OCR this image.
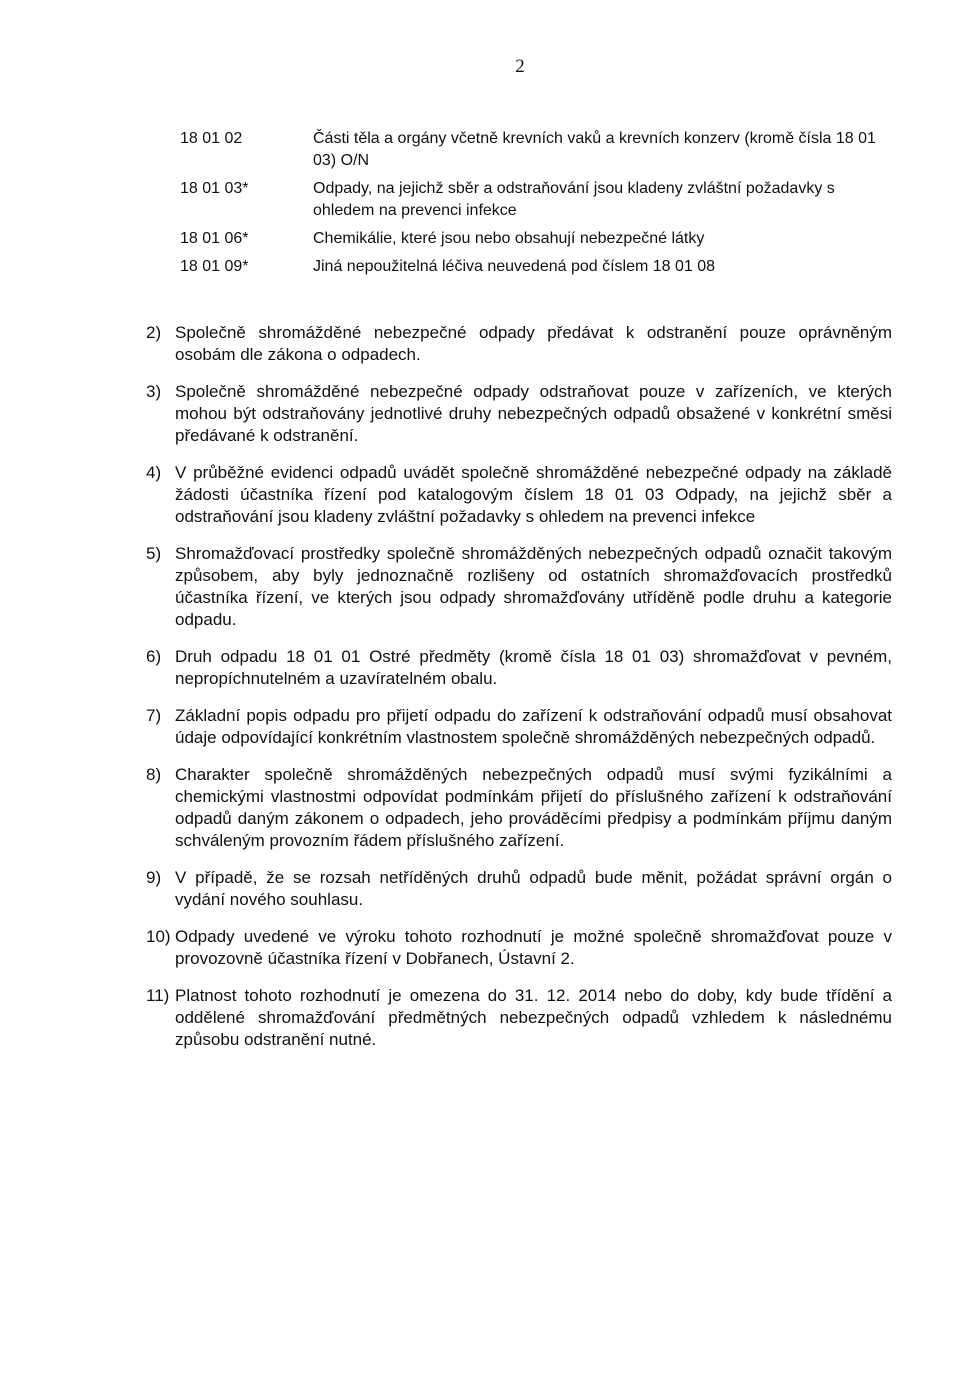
2
18 01 02	Části těla a orgány včetně krevních vaků a krevních konzerv (kromě čísla 18 01 03) O/N
18 01 03*	Odpady, na jejichž sběr a odstraňování jsou kladeny zvláštní požadavky s ohledem na prevenci infekce
18 01 06*	Chemikálie, které jsou nebo obsahují nebezpečné látky
18 01 09*	Jiná nepoužitelná léčiva neuvedená pod číslem 18 01 08
2) Společně shromážděné nebezpečné odpady předávat k odstranění pouze oprávněným osobám dle zákona o odpadech.
3) Společně shromážděné nebezpečné odpady odstraňovat pouze v zařízeních, ve kterých mohou být odstraňovány jednotlivé druhy nebezpečných odpadů obsažené v konkrétní směsi předávané k odstranění.
4) V průběžné evidenci odpadů uvádět společně shromážděné nebezpečné odpady na základě žádosti účastníka řízení pod katalogovým číslem 18 01 03 Odpady, na jejichž sběr a odstraňování jsou kladeny zvláštní požadavky s ohledem na prevenci infekce
5) Shromažďovací prostředky společně shromážděných nebezpečných odpadů označit takovým způsobem, aby byly jednoznačně rozlišeny od ostatních shromažďovacích prostředků účastníka řízení, ve kterých jsou odpady shromažďovány utříděně podle druhu a kategorie odpadu.
6) Druh odpadu 18 01 01 Ostré předměty (kromě čísla 18 01 03) shromažďovat v pevném, nepropíchnutelném a uzavíratelném obalu.
7) Základní popis odpadu pro přijetí odpadu do zařízení k odstraňování odpadů musí obsahovat údaje odpovídající konkrétním vlastnostem společně shromážděných nebezpečných odpadů.
8) Charakter společně shromážděných nebezpečných odpadů musí svými fyzikálními a chemickými vlastnostmi odpovídat podmínkám přijetí do příslušného zařízení k odstraňování odpadů daným zákonem o odpadech, jeho prováděcími předpisy a podmínkám příjmu daným schváleným provozním řádem příslušného zařízení.
9) V případě, že se rozsah netříděných druhů odpadů bude měnit, požádat správní orgán o vydání nového souhlasu.
10) Odpady uvedené ve výroku tohoto rozhodnutí je možné společně shromažďovat pouze v provozovně účastníka řízení v Dobřanech, Ústavní 2.
11) Platnost tohoto rozhodnutí je omezena do 31. 12. 2014 nebo do doby, kdy bude třídění a oddělené shromažďování předmětných nebezpečných odpadů vzhledem k následnému způsobu odstranění nutné.
